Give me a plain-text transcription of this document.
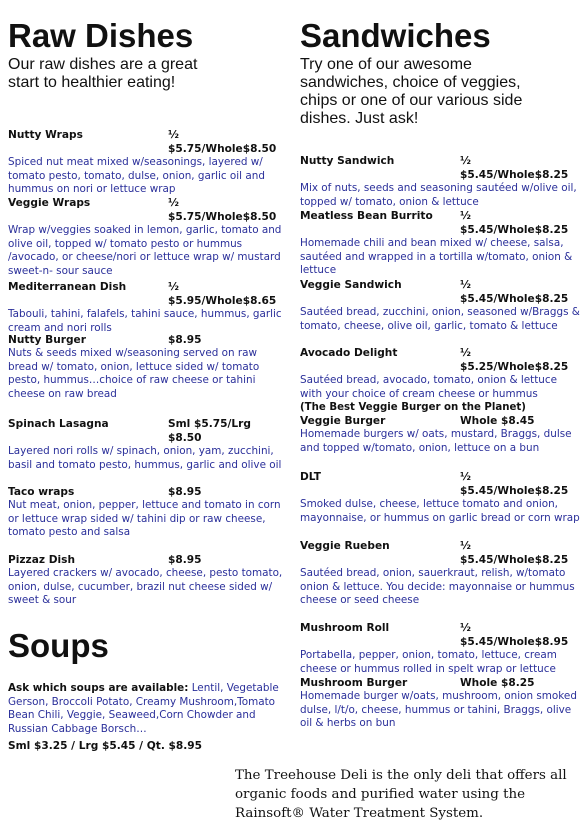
Raw Dishes

Our raw dishes are a great start to healthier eating!

Nutty Wraps	½ $5.75/Whole$8.50

Spiced nut meat mixed w/seasonings, layered w/ tomato pesto, tomato, dulse, onion, garlic oil and hummus on nori or lettuce wrap

Veggie Wraps	½ $5.75/Whole$8.50

Wrap w/veggies soaked in lemon, garlic, tomato and olive oil, topped w/ tomato pesto or hummus /avocado, or cheese/nori or lettuce wrap w/ mustard sweet-n- sour sauce

Mediterranean Dish	½ $5.95/Whole$8.65

Tabouli, tahini, falafels, tahini sauce, hummus, garlic cream and nori rolls

Nutty Burger	$8.95

Nuts & seeds mixed w/seasoning served on raw bread w/ tomato, onion, lettuce sided w/ tomato pesto, hummus…choice of raw cheese or tahini cheese on raw bread

Spinach Lasagna	Sml $5.75/Lrg $8.50

Layered nori rolls w/ spinach, onion, yam, zucchini, basil and tomato pesto, hummus, garlic and olive oil

Taco wraps	$8.95

Nut meat, onion, pepper, lettuce and tomato in corn or lettuce wrap sided w/ tahini dip or raw cheese, tomato pesto and salsa

Pizzaz Dish	$8.95

Layered crackers w/ avocado, cheese, pesto tomato, onion, dulse, cucumber, brazil nut cheese sided w/ sweet & sour

Soups
Ask which soups are available: Lentil, Vegetable Gerson, Broccoli Potato, Creamy Mushroom,Tomato Bean Chili, Veggie, Seaweed,Corn Chowder and Russian Cabbage Borsch…
Sml $3.25 / Lrg $5.45 / Qt. $8.95
Sandwiches

Try one of our awesome sandwiches, choice of veggies, chips or one of our various side dishes. Just ask!

Nutty Sandwich	½ $5.45/Whole$8.25

Mix of nuts, seeds and seasoning sautéed w/olive oil, topped w/ tomato, onion & lettuce

Meatless Bean Burrito	½ $5.45/Whole$8.25

Homemade chili and bean mixed w/ cheese, salsa, sautéed and wrapped in a tortilla w/tomato, onion & lettuce

Veggie Sandwich	½ $5.45/Whole$8.25

Sautéed bread, zucchini, onion, seasoned w/Braggs & tomato, cheese, olive oil, garlic, tomato & lettuce

Avocado Delight	½ $5.25/Whole$8.25

Sautéed bread, avocado, tomato, onion & lettuce with your choice of cream cheese or hummus

(The Best Veggie Burger on the Planet)
Veggie Burger	Whole $8.45

Homemade burgers w/ oats, mustard, Braggs, dulse and topped w/tomato, onion, lettuce on a bun

DLT	½ $5.45/Whole$8.25

Smoked dulse, cheese, lettuce tomato and onion, mayonnaise, or hummus on garlic bread or corn wrap

Veggie Rueben	½ $5.45/Whole$8.25

Sautéed bread, onion, sauerkraut, relish, w/tomato onion & lettuce. You decide: mayonnaise or hummus cheese or seed cheese

Mushroom Roll	½ $5.45/Whole$8.95

Portabella, pepper, onion, tomato, lettuce, cream cheese or hummus rolled in spelt wrap or lettuce

Mushroom Burger	Whole $8.25

Homemade burger w/oats, mushroom, onion smoked dulse, l/t/o, cheese, hummus or tahini, Braggs, olive oil & herbs on bun

The Treehouse Deli is the only deli that offers all organic foods and purified water using the Rainsoft® Water Treatment System.
